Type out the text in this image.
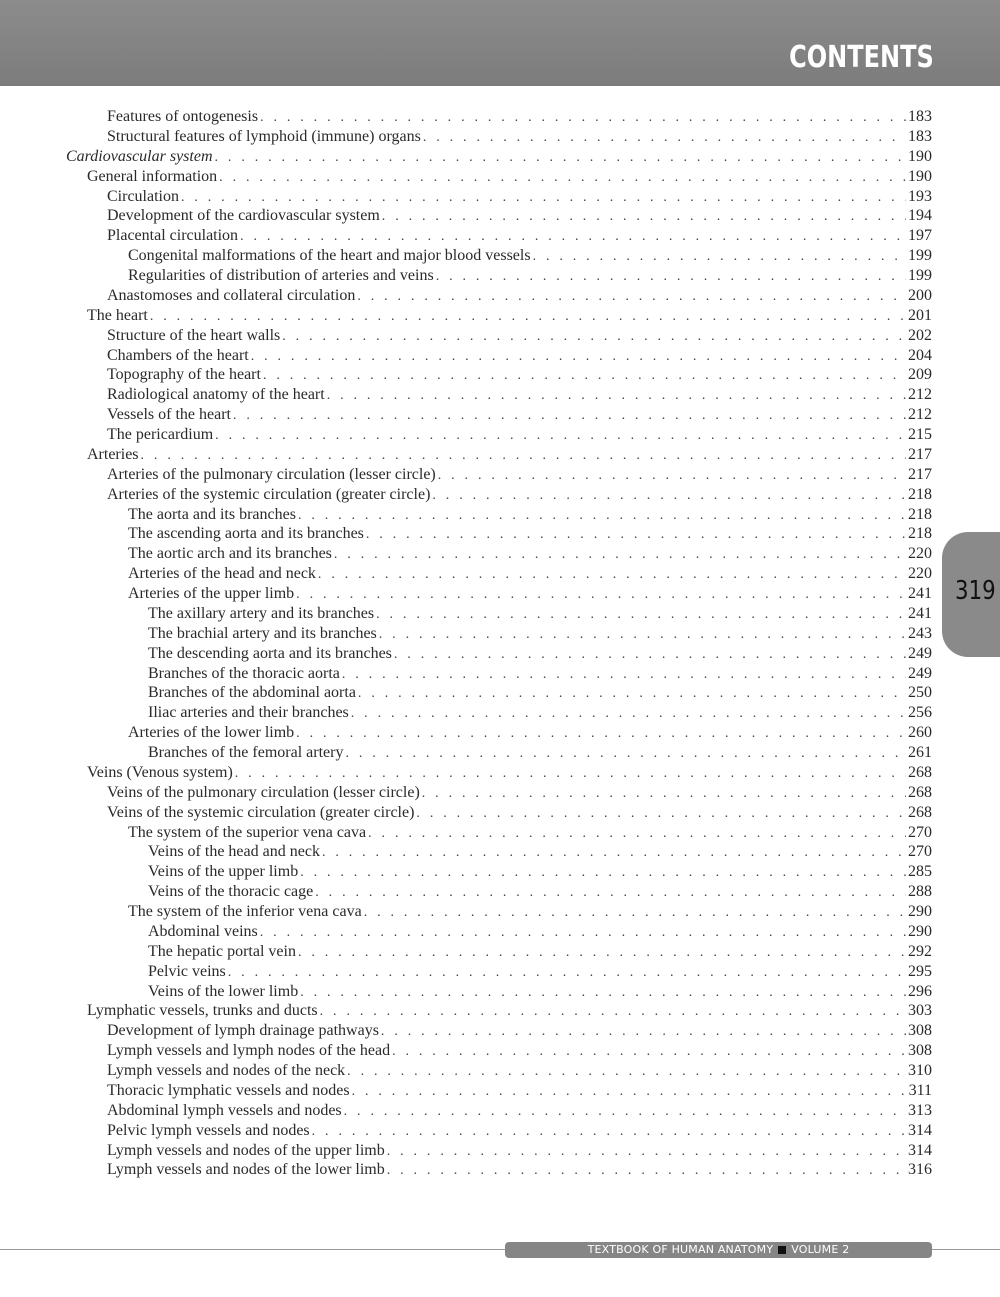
CONTENTS
Features of ontogenesis . . .	183
Structural features of lymphoid (immune) organs . . .	183
Cardiovascular system . . .	190
General information . . .	190
Circulation . . .	193
Development of the cardiovascular system . . .	194
Placental circulation . . .	197
Congenital malformations of the heart and major blood vessels . . .	199
Regularities of distribution of arteries and veins . . .	199
Anastomoses and collateral circulation . . .	200
The heart . . .	201
Structure of the heart walls . . .	202
Chambers of the heart . . .	204
Topography of the heart . . .	209
Radiological anatomy of the heart . . .	212
Vessels of the heart . . .	212
The pericardium . . .	215
Arteries . . .	217
Arteries of the pulmonary circulation (lesser circle) . . .	217
Arteries of the systemic circulation (greater circle) . . .	218
The aorta and its branches . . .	218
The ascending aorta and its branches . . .	218
The aortic arch and its branches . . .	220
Arteries of the head and neck . . .	220
Arteries of the upper limb . . .	241
The axillary artery and its branches . . .	241
The brachial artery and its branches . . .	243
The descending aorta and its branches . . .	249
Branches of the thoracic aorta . . .	249
Branches of the abdominal aorta . . .	250
Iliac arteries and their branches . . .	256
Arteries of the lower limb . . .	260
Branches of the femoral artery . . .	261
Veins (Venous system) . . .	268
Veins of the pulmonary circulation (lesser circle) . . .	268
Veins of the systemic circulation (greater circle) . . .	268
The system of the superior vena cava . . .	270
Veins of the head and neck . . .	270
Veins of the upper limb . . .	285
Veins of the thoracic cage . . .	288
The system of the inferior vena cava . . .	290
Abdominal veins . . .	290
The hepatic portal vein . . .	292
Pelvic veins . . .	295
Veins of the lower limb . . .	296
Lymphatic vessels, trunks and ducts . . .	303
Development of lymph drainage pathways . . .	308
Lymph vessels and lymph nodes of the head . . .	308
Lymph vessels and nodes of the neck . . .	310
Thoracic lymphatic vessels and nodes . . .	311
Abdominal lymph vessels and nodes . . .	313
Pelvic lymph vessels and nodes . . .	314
Lymph vessels and nodes of the upper limb . . .	314
Lymph vessels and nodes of the lower limb . . .	316
319
TEXTBOOK OF HUMAN ANATOMY VOLUME 2
